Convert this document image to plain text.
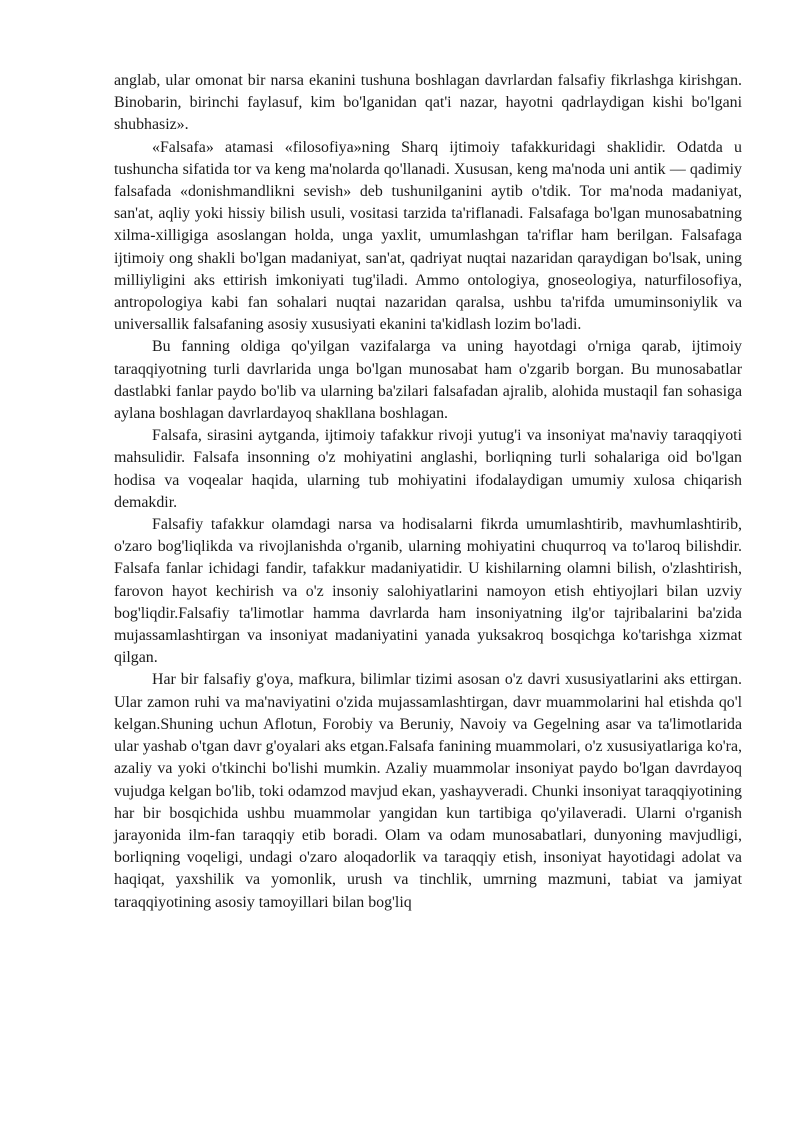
anglab, ular omonat bir narsa ekanini tushuna boshlagan davrlardan falsafiy fikrlashga kirishgan. Binobarin, birinchi faylasuf, kim bo'lganidan qat'i nazar, hayotni qadrlaydigan kishi bo'lgani shubhasiz».

«Falsafa» atamasi «filosofiya»ning Sharq ijtimoiy tafakkuridagi shaklidir. Odatda u tushuncha sifatida tor va keng ma'nolarda qo'llanadi. Xususan, keng ma'noda uni antik — qadimiy falsafada «donishmandlikni sevish» deb tushunilganini aytib o'tdik. Tor ma'noda madaniyat, san'at, aqliy yoki hissiy bilish usuli, vositasi tarzida ta'riflanadi. Falsafaga bo'lgan munosabatning xilma-xilligiga asoslangan holda, unga yaxlit, umumlashgan ta'riflar ham berilgan. Falsafaga ijtimoiy ong shakli bo'lgan madaniyat, san'at, qadriyat nuqtai nazaridan qaraydigan bo'lsak, uning milliyligini aks ettirish imkoniyati tug'iladi. Ammo ontologiya, gnoseologiya, naturfilosofiya, antropologiya kabi fan sohalari nuqtai nazaridan qaralsa, ushbu ta'rifda umuminsoniylik va universallik falsafaning asosiy xususiyati ekanini ta'kidlash lozim bo'ladi.

Bu fanning oldiga qo'yilgan vazifalarga va uning hayotdagi o'rniga qarab, ijtimoiy taraqqiyotning turli davrlarida unga bo'lgan munosabat ham o'zgarib borgan. Bu munosabatlar dastlabki fanlar paydo bo'lib va ularning ba'zilari falsafadan ajralib, alohida mustaqil fan sohasiga aylana boshlagan davrlardayoq shakllana boshlagan.

Falsafa, sirasini aytganda, ijtimoiy tafakkur rivoji yutug'i va insoniyat ma'naviy taraqqiyoti mahsulidir. Falsafa insonning o'z mohiyatini anglashi, borliqning turli sohalariga oid bo'lgan hodisa va voqealar haqida, ularning tub mohiyatini ifodalaydigan umumiy xulosa chiqarish demakdir.

Falsafiy tafakkur olamdagi narsa va hodisalarni fikrda umumlashtirib, mavhumlashtirib, o'zaro bog'liqlikda va rivojlanishda o'rganib, ularning mohiyatini chuqurroq va to'laroq bilishdir. Falsafa fanlar ichidagi fandir, tafakkur madaniyatidir. U kishilarning olamni bilish, o'zlashtirish, farovon hayot kechirish va o'z insoniy salohiyatlarini namoyon etish ehtiyojlari bilan uzviy bog'liqdir.Falsafiy ta'limotlar hamma davrlarda ham insoniyatning ilg'or tajribalarini ba'zida mujassamlashtirgan va insoniyat madaniyatini yanada yuksakroq bosqichga ko'tarishga xizmat qilgan.

Har bir falsafiy g'oya, mafkura, bilimlar tizimi asosan o'z davri xususiyatlarini aks ettirgan. Ular zamon ruhi va ma'naviyatini o'zida mujassamlashtirgan, davr muammolarini hal etishda qo'l kelgan.Shuning uchun Aflotun, Forobiy va Beruniy, Navoiy va Gegelning asar va ta'limotlarida ular yashab o'tgan davr g'oyalari aks etgan.Falsafa fanining muammolari, o'z xususiyatlariga ko'ra, azaliy va yoki o'tkinchi bo'lishi mumkin. Azaliy muammolar insoniyat paydo bo'lgan davrdayoq vujudga kelgan bo'lib, toki odamzod mavjud ekan, yashayveradi. Chunki insoniyat taraqqiyotining har bir bosqichida ushbu muammolar yangidan kun tartibiga qo'yilaveradi. Ularni o'rganish jarayonida ilm-fan taraqqiy etib boradi. Olam va odam munosabatlari, dunyoning mavjudligi, borliqning voqeligi, undagi o'zaro aloqadorlik va taraqqiy etish, insoniyat hayotidagi adolat va haqiqat, yaxshilik va yomonlik, urush va tinchlik, umrning mazmuni, tabiat va jamiyat taraqqiyotining asosiy tamoyillari bilan bog'liq
